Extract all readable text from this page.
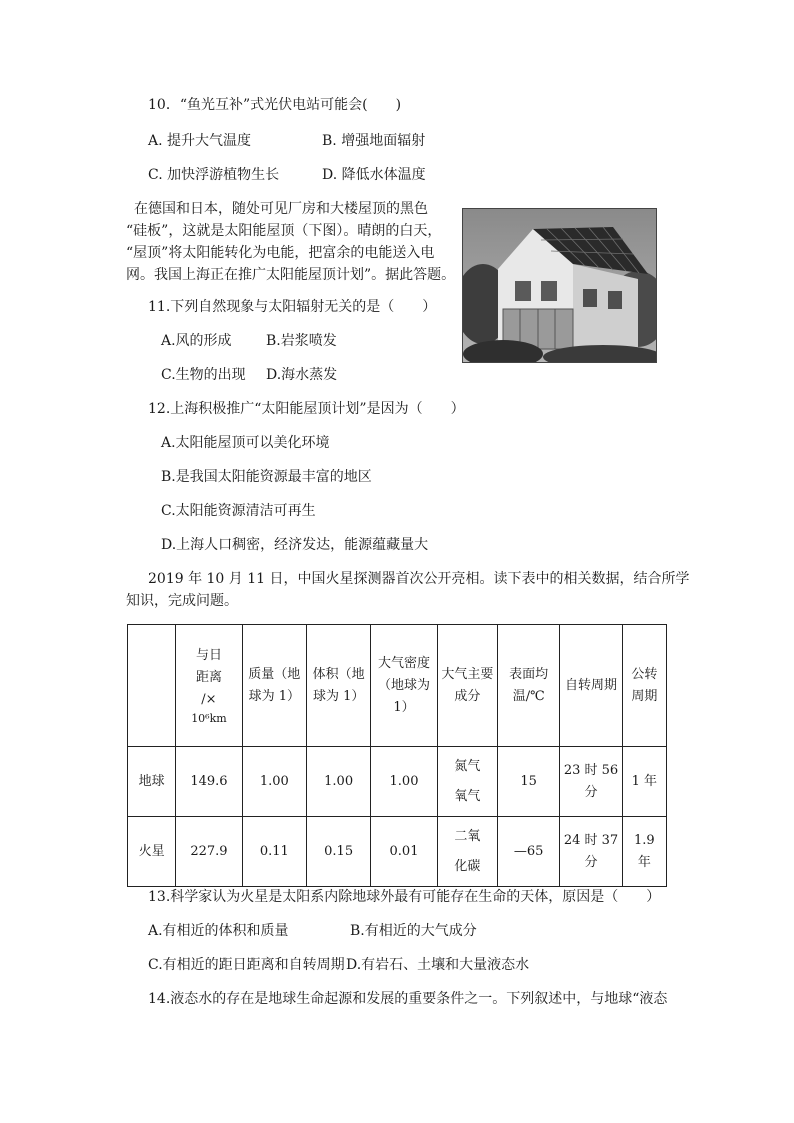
10．“鱼光互补”式光伏电站可能会(　　)
A. 提升大气温度	B. 增强地面辐射
C. 加快浮游植物生长	D. 降低水体温度
在德国和日本，随处可见厂房和大楼屋顶的黑色
“硅板”，这就是太阳能屋顶（下图）。晴朗的白天，
“屋顶”将太阳能转化为电能，把富余的电能送入电
网。我国上海正在推广太阳能屋顶计划”。据此答题。
11.下列自然现象与太阳辐射无关的是（　　）
A.风的形成 B.岩浆喷发
C.生物的出现 D.海水蒸发
12.上海积极推广“太阳能屋顶计划”是因为（　　）
A.太阳能屋顶可以美化环境
B.是我国太阳能资源最丰富的地区
C.太阳能资源清洁可再生
D.上海人口稠密，经济发达，能源蕴藏量大
2019 年 10 月 11 日，中国火星探测器首次公开亮相。读下表中的相关数据，结合所学
知识，完成问题。

	与日
距离
/×
10⁶km	质量（地球为 1）	体积（地球为 1）	大气密度（地球为 1）	大气主要成分	表面均温/℃	自转周期	公转周期
地球	149.6	1.00	1.00	1.00	氮气
氧气	15	23 时 56 分	1 年
火星	227.9	0.11	0.15	0.01	二氧
化碳	—65	24 时 37 分	1.9 年
13.科学家认为火星是太阳系内除地球外最有可能存在生命的天体，原因是（　　）
A.有相近的体积和质量	B.有相近的大气成分
C.有相近的距日距离和自转周期 D.有岩石、土壤和大量液态水
14.液态水的存在是地球生命起源和发展的重要条件之一。下列叙述中，与地球“液态
